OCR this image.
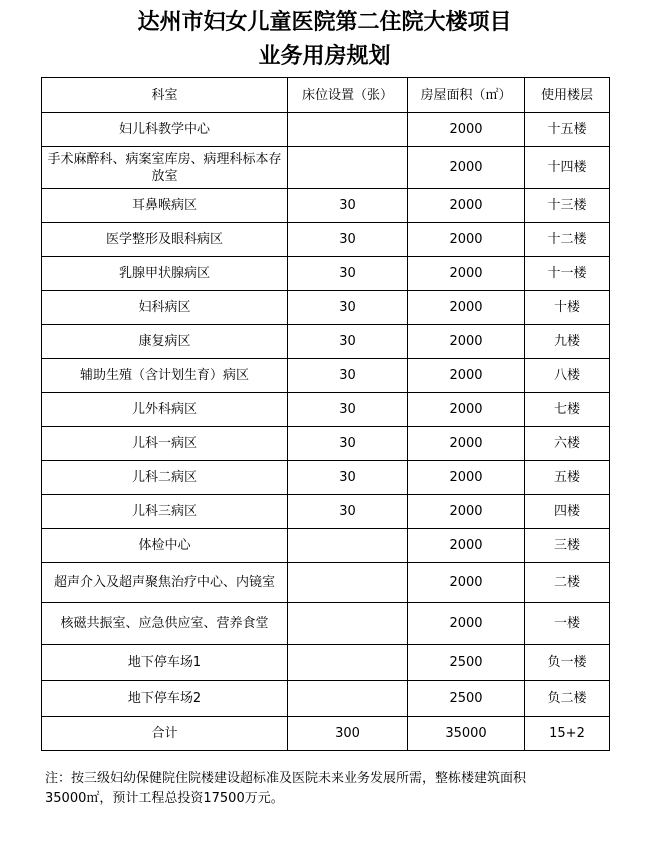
达州市妇女儿童医院第二住院大楼项目
业务用房规划
科室	床位设置（张）	房屋面积（㎡）	使用楼层
妇儿科教学中心		2000	十五楼
手术麻醉科、病案室库房、病理科标本存放室		2000	十四楼
耳鼻喉病区	30	2000	十三楼
医学整形及眼科病区	30	2000	十二楼
乳腺甲状腺病区	30	2000	十一楼
妇科病区	30	2000	十楼
康复病区	30	2000	九楼
辅助生殖（含计划生育）病区	30	2000	八楼
儿外科病区	30	2000	七楼
儿科一病区	30	2000	六楼
儿科二病区	30	2000	五楼
儿科三病区	30	2000	四楼
体检中心		2000	三楼
超声介入及超声聚焦治疗中心、内镜室		2000	二楼
核磁共振室、应急供应室、营养食堂		2000	一楼
地下停车场1		2500	负一楼
地下停车场2		2500	负二楼
合计	300	35000	15+2
注：按三级妇幼保健院住院楼建设超标准及医院未来业务发展所需，整栋楼建筑面积
35000㎡，预计工程总投资17500万元。
